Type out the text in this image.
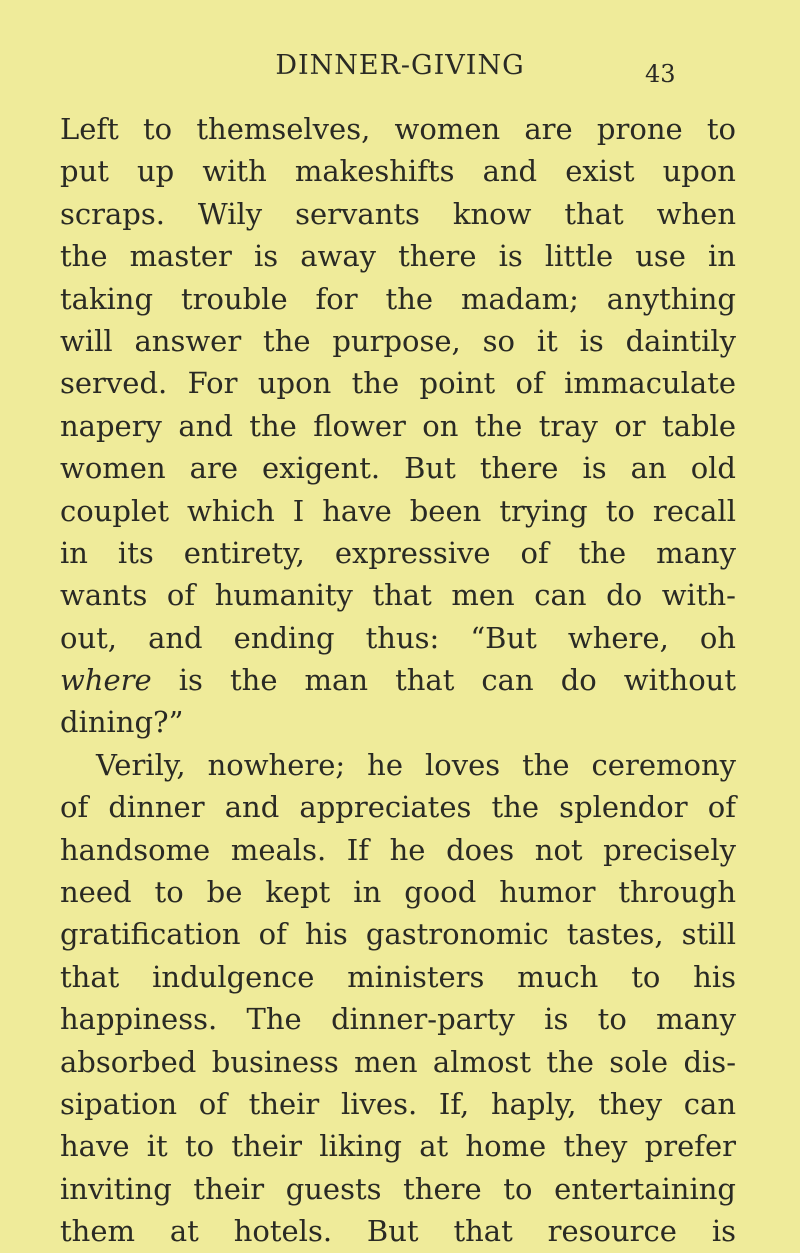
DINNER-GIVING	43
Left to themselves, women are prone to
put up with makeshifts and exist upon
scraps. Wily servants know that when
the master is away there is little use in
taking trouble for the madam; anything
will answer the purpose, so it is daintily
served. For upon the point of immaculate
napery and the flower on the tray or table
women are exigent. But there is an old
couplet which I have been trying to recall
in its entirety, expressive of the many
wants of humanity that men can do with-
out, and ending thus: “But where, oh
where is the man that can do without
dining?”
Verily, nowhere; he loves the ceremony
of dinner and appreciates the splendor of
handsome meals. If he does not precisely
need to be kept in good humor through
gratification of his gastronomic tastes, still
that indulgence ministers much to his
happiness. The dinner-party is to many
absorbed business men almost the sole dis-
sipation of their lives. If, haply, they can
have it to their liking at home they prefer
inviting their guests there to entertaining
them at hotels. But that resource is
